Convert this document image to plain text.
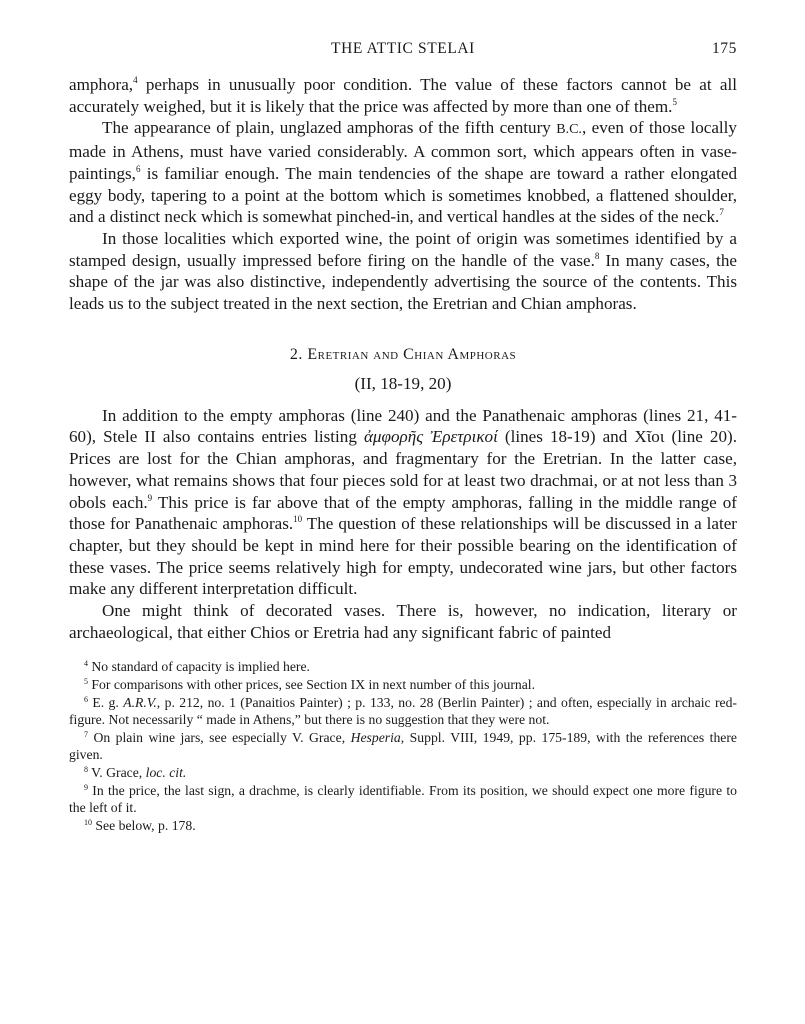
THE ATTIC STELAI	175

amphora,$^4$ perhaps in unusually poor condition. The value of these factors cannot be at all accurately weighed, but it is likely that the price was affected by more than one of them.$^5$

The appearance of plain, unglazed amphoras of the fifth century B.C., even of those locally made in Athens, must have varied considerably. A common sort, which appears often in vase-paintings,$^6$ is familiar enough. The main tendencies of the shape are toward a rather elongated eggy body, tapering to a point at the bottom which is sometimes knobbed, a flattened shoulder, and a distinct neck which is somewhat pinched-in, and vertical handles at the sides of the neck.$^7$

In those localities which exported wine, the point of origin was sometimes identified by a stamped design, usually impressed before firing on the handle of the vase.$^8$ In many cases, the shape of the jar was also distinctive, independently advertising the source of the contents. This leads us to the subject treated in the next section, the Eretrian and Chian amphoras.

2. Eretrian and Chian Amphoras
(II, 18-19, 20)

In addition to the empty amphoras (line 240) and the Panathenaic amphoras (lines 21, 41-60), Stele II also contains entries listing ἀμφορῆς Ἐρετρικοί (lines 18-19) and Χῖοι (line 20). Prices are lost for the Chian amphoras, and fragmentary for the Eretrian. In the latter case, however, what remains shows that four pieces sold for at least two drachmai, or at not less than 3 obols each.$^9$ This price is far above that of the empty amphoras, falling in the middle range of those for Panathenaic amphoras.$^{10}$ The question of these relationships will be discussed in a later chapter, but they should be kept in mind here for their possible bearing on the identification of these vases. The price seems relatively high for empty, undecorated wine jars, but other factors make any different interpretation difficult.

One might think of decorated vases. There is, however, no indication, literary or archaeological, that either Chios or Eretria had any significant fabric of painted

$^4$ No standard of capacity is implied here.

$^5$ For comparisons with other prices, see Section IX in next number of this journal.

$^6$ E. g. A.R.V., p. 212, no. 1 (Panaitios Painter) ; p. 133, no. 28 (Berlin Painter) ; and often, especially in archaic red-figure. Not necessarily “ made in Athens,” but there is no suggestion that they were not.

$^7$ On plain wine jars, see especially V. Grace, Hesperia, Suppl. VIII, 1949, pp. 175-189, with the references there given.

$^8$ V. Grace, loc. cit.

$^9$ In the price, the last sign, a drachme, is clearly identifiable. From its position, we should expect one more figure to the left of it.

$^{10}$ See below, p. 178.
